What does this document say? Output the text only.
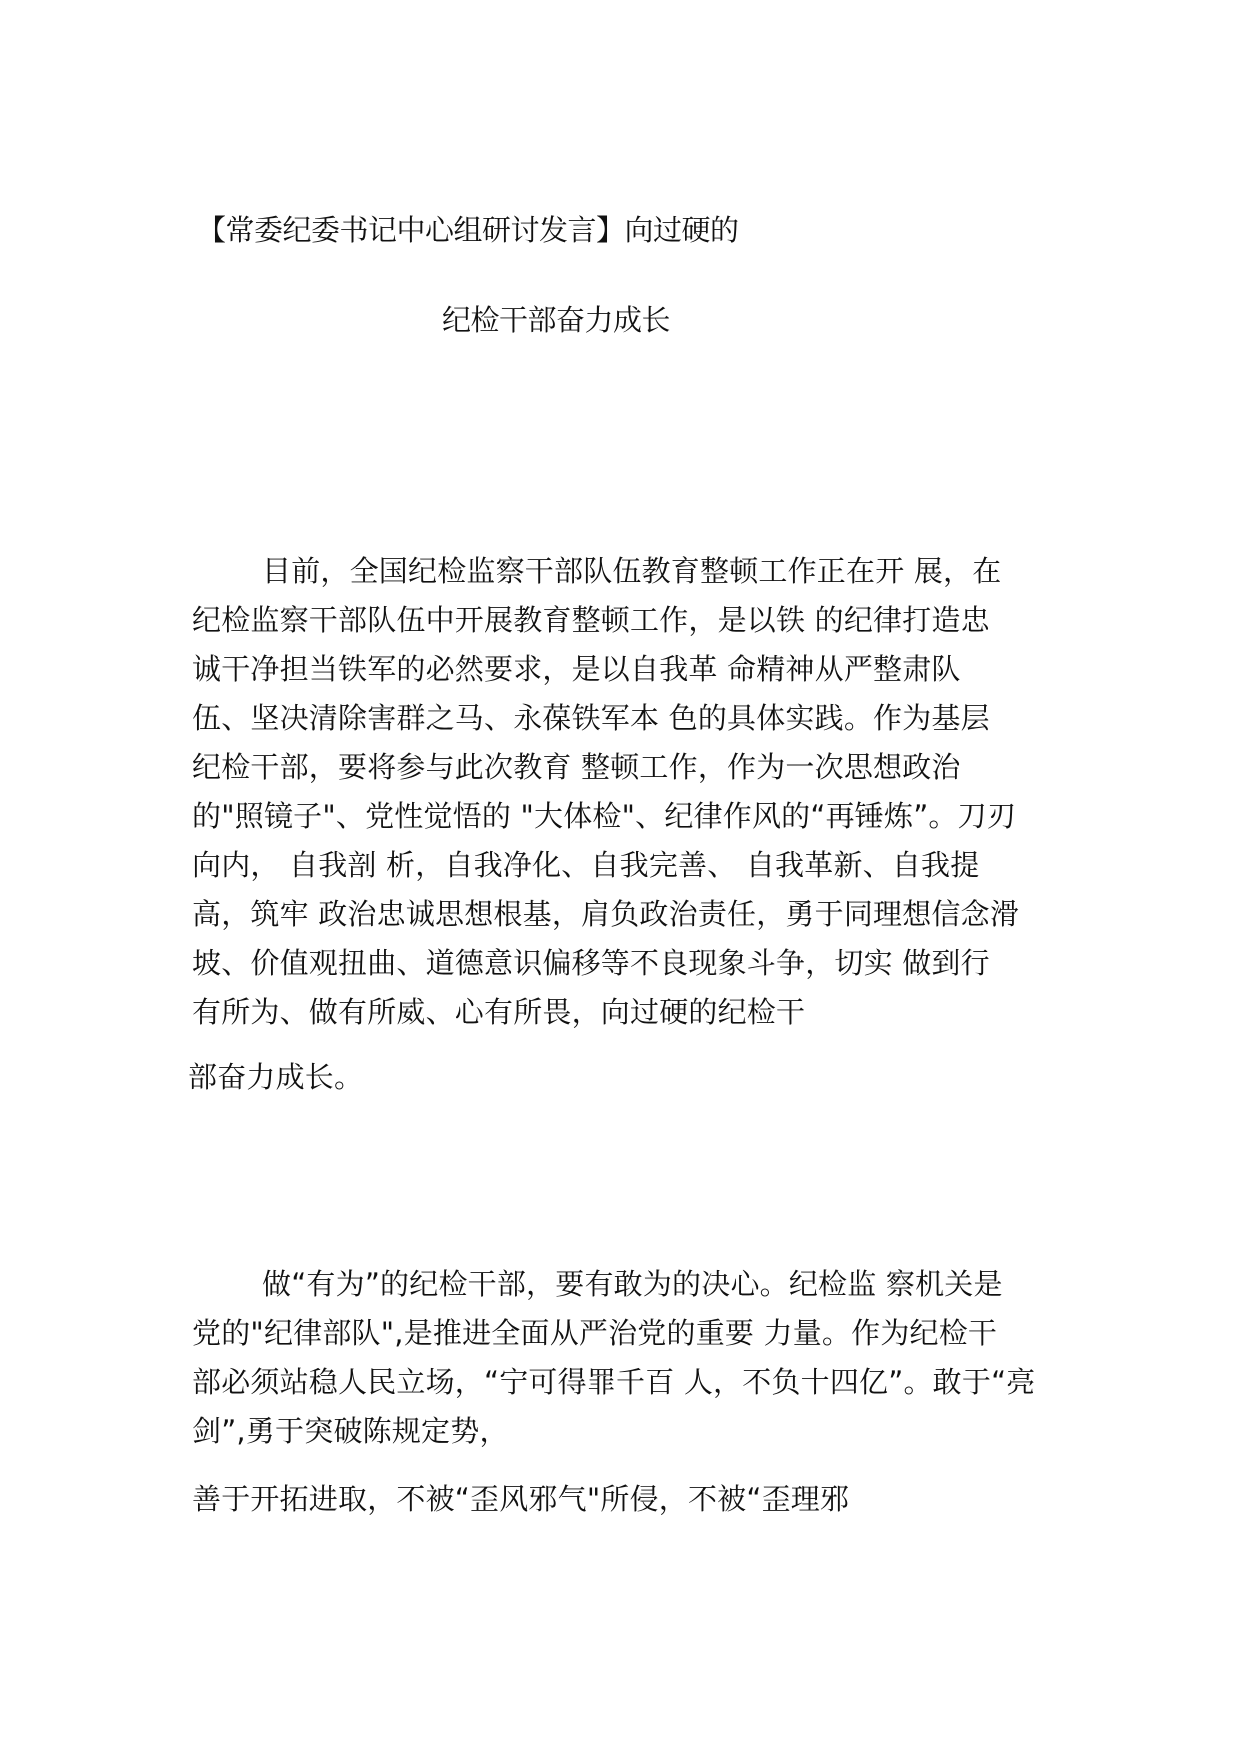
【常委纪委书记中心组研讨发言】向过硬的
纪检干部奋力成长
目前，全国纪检监察干部队伍教育整顿工作正在开 展，在
纪检监察干部队伍中开展教育整顿工作，是以铁 的纪律打造忠
诚干净担当铁军的必然要求，是以自我革 命精神从严整肃队
伍、坚决清除害群之马、永葆铁军本 色的具体实践。作为基层
纪检干部，要将参与此次教育 整顿工作，作为一次思想政治
的"照镜子"、党性觉悟的 "大体检"、纪律作风的“再锤炼”。刀刃
向内， 自我剖 析，自我净化、自我完善、 自我革新、自我提
高，筑牢 政治忠诚思想根基，肩负政治责任，勇于同理想信念滑
坡、价值观扭曲、道德意识偏移等不良现象斗争，切实 做到行
有所为、做有所威、心有所畏，向过硬的纪检干
部奋力成长。
做“有为”的纪检干部，要有敢为的决心。纪检监 察机关是
党的"纪律部队",是推进全面从严治党的重要 力量。作为纪检干
部必须站稳人民立场，“宁可得罪千百 人，不负十四亿”。敢于“亮
剑”,勇于突破陈规定势，
善于开拓进取，不被“歪风邪气"所侵，不被“歪理邪
